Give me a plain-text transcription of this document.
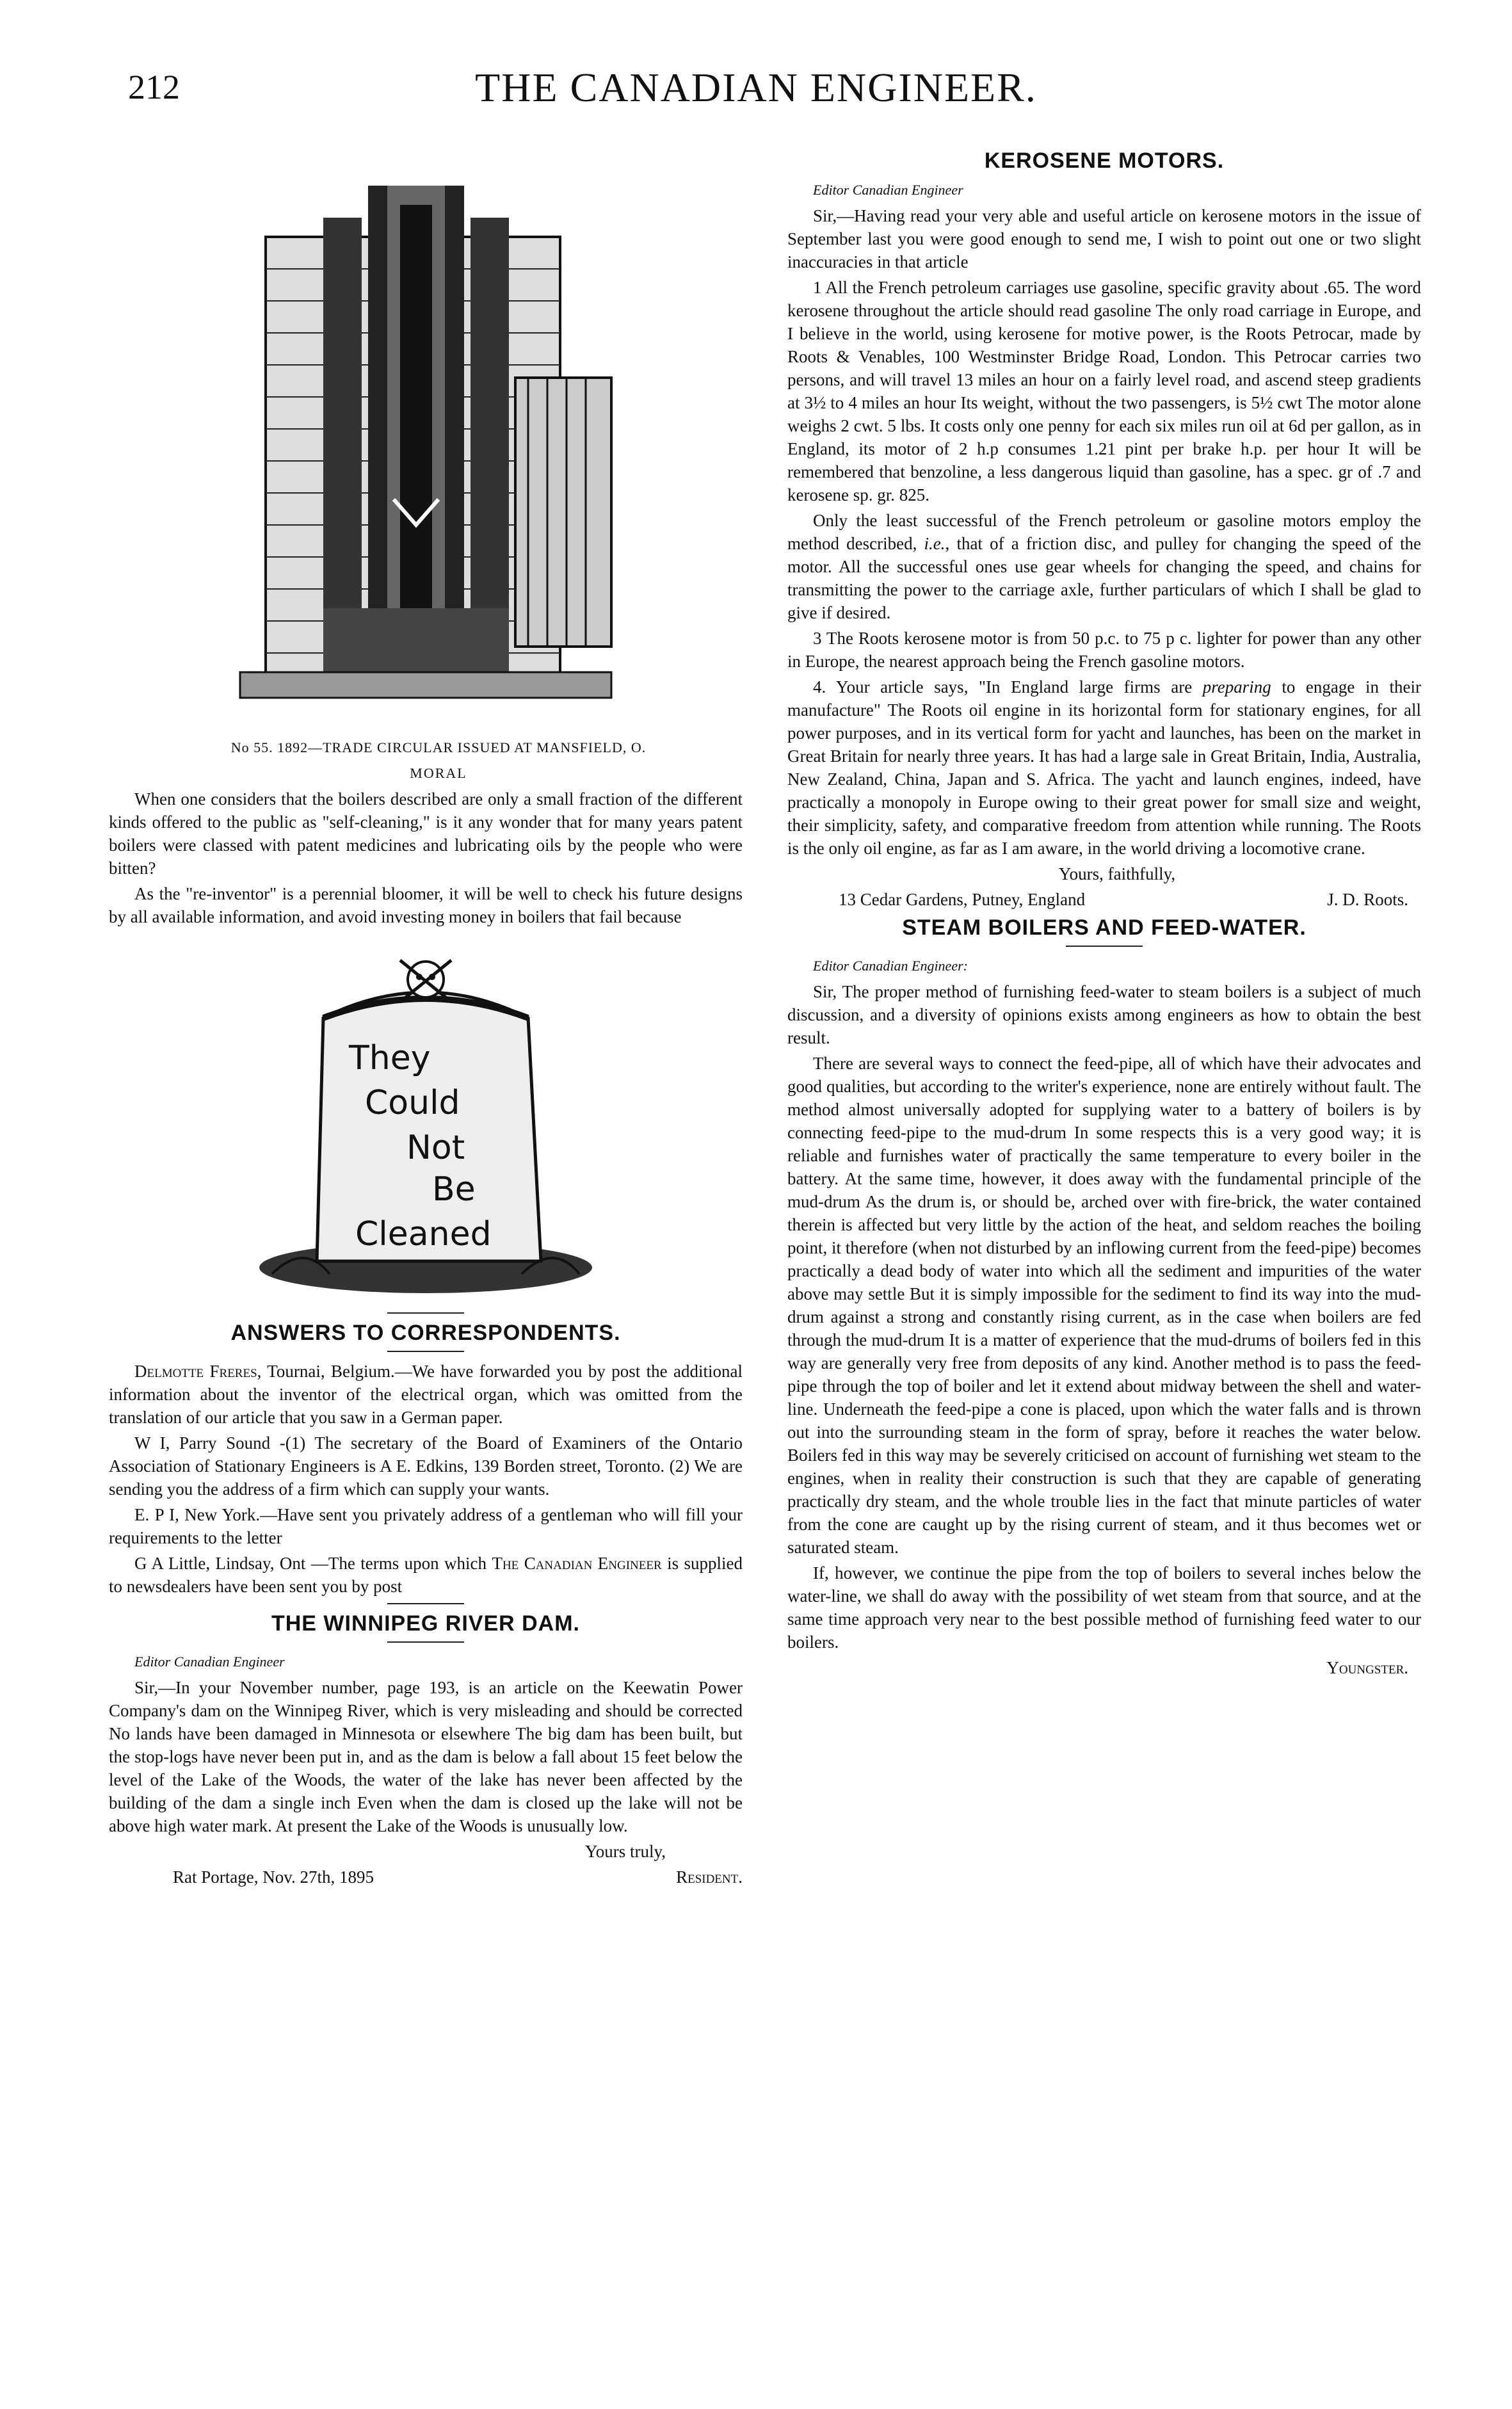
212	THE CANADIAN ENGINEER.

No 55. 1892—TRADE CIRCULAR ISSUED AT MANSFIELD, O.

MORAL

When one considers that the boilers described are only a small fraction of the different kinds offered to the public as "self-cleaning," is it any wonder that for many years patent boilers were classed with patent medicines and lubricating oils by the people who were bitten?

As the "re-inventor" is a perennial bloomer, it will be well to check his future designs by all available information, and avoid investing money in boilers that fail because

They
Could
Not
Be
Cleaned
ANSWERS TO CORRESPONDENTS.

Delmotte Freres, Tournai, Belgium.—We have forwarded you by post the additional information about the inventor of the electrical organ, which was omitted from the translation of our article that you saw in a German paper.

W I, Parry Sound -(1) The secretary of the Board of Examiners of the Ontario Association of Stationary Engineers is A E. Edkins, 139 Borden street, Toronto. (2) We are sending you the address of a firm which can supply your wants.

E. P I, New York.—Have sent you privately address of a gentleman who will fill your requirements to the letter

G A Little, Lindsay, Ont —The terms upon which The Canadian Engineer is supplied to newsdealers have been sent you by post

THE WINNIPEG RIVER DAM.

Editor Canadian Engineer

Sir,—In your November number, page 193, is an article on the Keewatin Power Company's dam on the Winnipeg River, which is very misleading and should be corrected No lands have been damaged in Minnesota or elsewhere The big dam has been built, but the stop-logs have never been put in, and as the dam is below a fall about 15 feet below the level of the Lake of the Woods, the water of the lake has never been affected by the building of the dam a single inch Even when the dam is closed up the lake will not be above high water mark. At present the Lake of the Woods is unusually low.

Yours truly,

Rat Portage, Nov. 27th, 1895	Resident.

KEROSENE MOTORS.

Editor Canadian Engineer

Sir,—Having read your very able and useful article on kerosene motors in the issue of September last you were good enough to send me, I wish to point out one or two slight inaccuracies in that article

1 All the French petroleum carriages use gasoline, specific gravity about .65. The word kerosene throughout the article should read gasoline The only road carriage in Europe, and I believe in the world, using kerosene for motive power, is the Roots Petrocar, made by Roots & Venables, 100 Westminster Bridge Road, London. This Petrocar carries two persons, and will travel 13 miles an hour on a fairly level road, and ascend steep gradients at 3½ to 4 miles an hour Its weight, without the two passengers, is 5½ cwt The motor alone weighs 2 cwt. 5 lbs. It costs only one penny for each six miles run oil at 6d per gallon, as in England, its motor of 2 h.p consumes 1.21 pint per brake h.p. per hour It will be remembered that benzoline, a less dangerous liquid than gasoline, has a spec. gr of .7 and kerosene sp. gr. 825.

Only the least successful of the French petroleum or gasoline motors employ the method described, i.e., that of a friction disc, and pulley for changing the speed of the motor. All the successful ones use gear wheels for changing the speed, and chains for transmitting the power to the carriage axle, further particulars of which I shall be glad to give if desired.

3 The Roots kerosene motor is from 50 p.c. to 75 p c. lighter for power than any other in Europe, the nearest approach being the French gasoline motors.

4. Your article says, "In England large firms are preparing to engage in their manufacture" The Roots oil engine in its horizontal form for stationary engines, for all power purposes, and in its vertical form for yacht and launches, has been on the market in Great Britain for nearly three years. It has had a large sale in Great Britain, India, Australia, New Zealand, China, Japan and S. Africa. The yacht and launch engines, indeed, have practically a monopoly in Europe owing to their great power for small size and weight, their simplicity, safety, and comparative freedom from attention while running. The Roots is the only oil engine, as far as I am aware, in the world driving a locomotive crane.

Yours, faithfully,

13 Cedar Gardens, Putney, England	J. D. Roots.

STEAM BOILERS AND FEED-WATER.

Editor Canadian Engineer:

Sir, The proper method of furnishing feed-water to steam boilers is a subject of much discussion, and a diversity of opinions exists among engineers as how to obtain the best result.

There are several ways to connect the feed-pipe, all of which have their advocates and good qualities, but according to the writer's experience, none are entirely without fault. The method almost universally adopted for supplying water to a battery of boilers is by connecting feed-pipe to the mud-drum In some respects this is a very good way; it is reliable and furnishes water of practically the same temperature to every boiler in the battery. At the same time, however, it does away with the fundamental principle of the mud-drum As the drum is, or should be, arched over with fire-brick, the water contained therein is affected but very little by the action of the heat, and seldom reaches the boiling point, it therefore (when not disturbed by an inflowing current from the feed-pipe) becomes practically a dead body of water into which all the sediment and impurities of the water above may settle But it is simply impossible for the sediment to find its way into the mud-drum against a strong and constantly rising current, as in the case when boilers are fed through the mud-drum It is a matter of experience that the mud-drums of boilers fed in this way are generally very free from deposits of any kind. Another method is to pass the feed-pipe through the top of boiler and let it extend about midway between the shell and water-line. Underneath the feed-pipe a cone is placed, upon which the water falls and is thrown out into the surrounding steam in the form of spray, before it reaches the water below. Boilers fed in this way may be severely criticised on account of furnishing wet steam to the engines, when in reality their construction is such that they are capable of generating practically dry steam, and the whole trouble lies in the fact that minute particles of water from the cone are caught up by the rising current of steam, and it thus becomes wet or saturated steam.

If, however, we continue the pipe from the top of boilers to several inches below the water-line, we shall do away with the possibility of wet steam from that source, and at the same time approach very near to the best possible method of furnishing feed water to our boilers.

Youngster.
